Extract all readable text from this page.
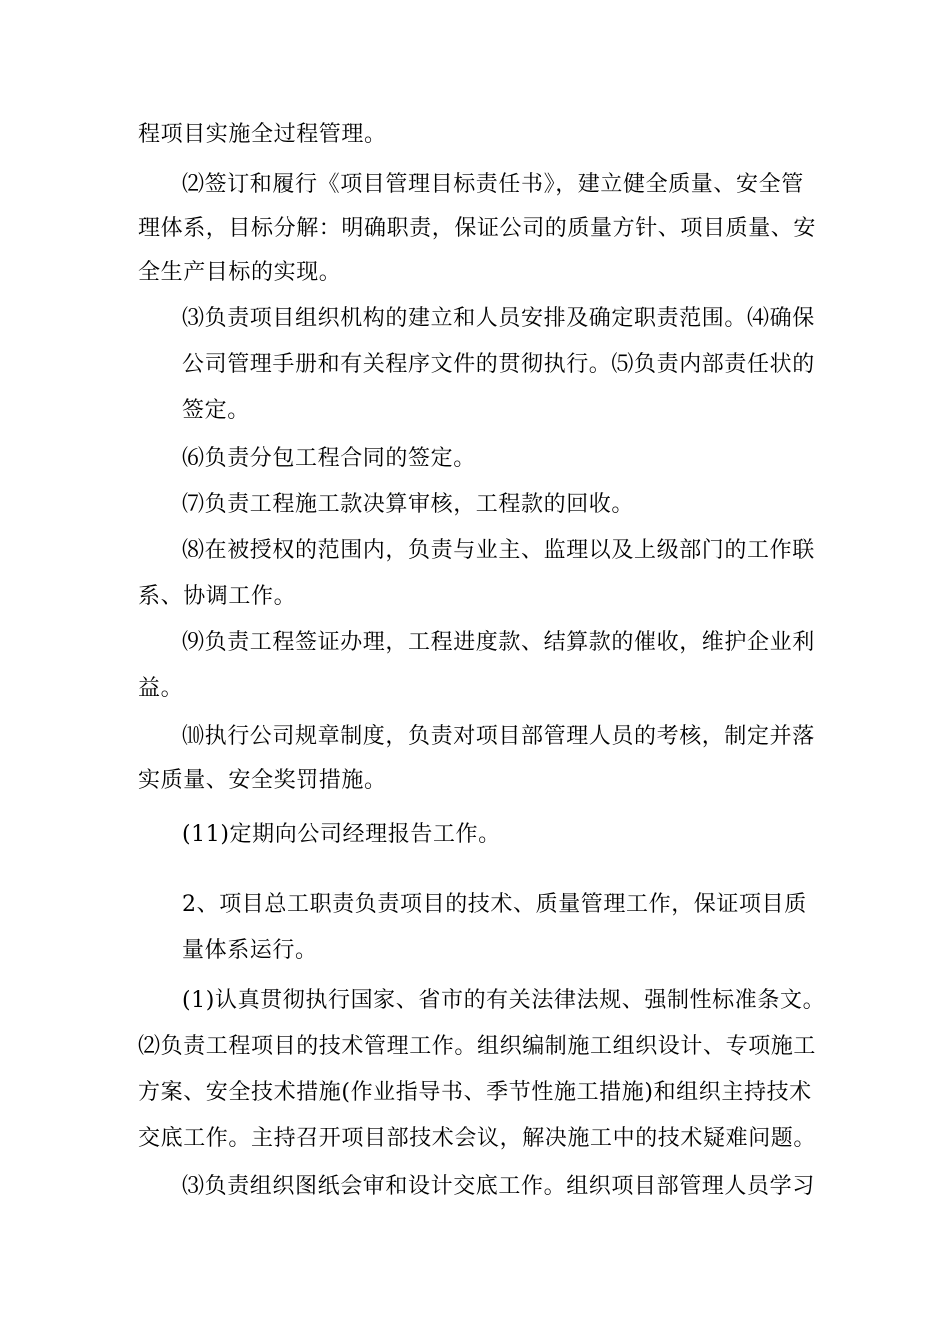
程项目实施全过程管理。
⑵签订和履行《项目管理目标责任书》，建立健全质量、安全管
理体系，目标分解：明确职责，保证公司的质量方针、项目质量、安
全生产目标的实现。
⑶负责项目组织机构的建立和人员安排及确定职责范围。⑷确保
公司管理手册和有关程序文件的贯彻执行。⑸负责内部责任状的
签定。
⑹负责分包工程合同的签定。
⑺负责工程施工款决算审核，工程款的回收。
⑻在被授权的范围内，负责与业主、监理以及上级部门的工作联
系、协调工作。
⑼负责工程签证办理，工程进度款、结算款的催收，维护企业利
益。
⑽执行公司规章制度，负责对项目部管理人员的考核，制定并落
实质量、安全奖罚措施。
(11)定期向公司经理报告工作。
2、项目总工职责负责项目的技术、质量管理工作，保证项目质
量体系运行。
(1)认真贯彻执行国家、省市的有关法律法规、强制性标准条文。
⑵负责工程项目的技术管理工作。组织编制施工组织设计、专项施工
方案、安全技术措施(作业指导书、季节性施工措施)和组织主持技术
交底工作。主持召开项目部技术会议，解决施工中的技术疑难问题。
⑶负责组织图纸会审和设计交底工作。组织项目部管理人员学习
